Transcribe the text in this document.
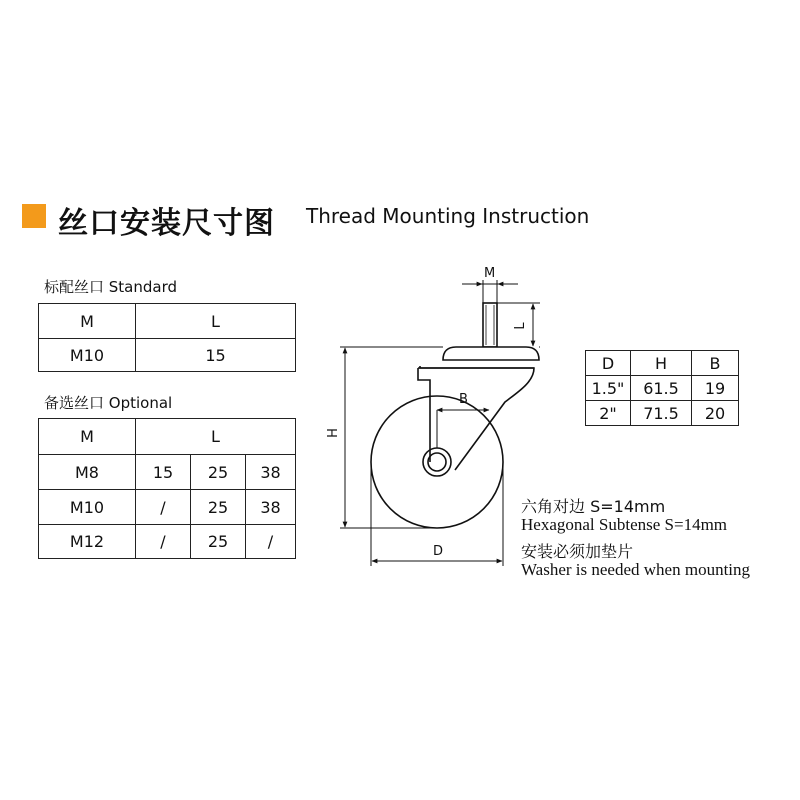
丝口安装尺寸图 Thread Mounting Instruction
标配丝口 Standard
M	L
M10	15
备选丝口 Optional
M	L		
M8	15	25	38
M10	/	25	38
M12	/	25	/
M
L
B
H
D
D	H	B
1.5"	61.5	19
2"	71.5	20
六角对边 S=14mm
Hexagonal Subtense S=14mm
安装必须加垫片
Washer is needed when mounting
